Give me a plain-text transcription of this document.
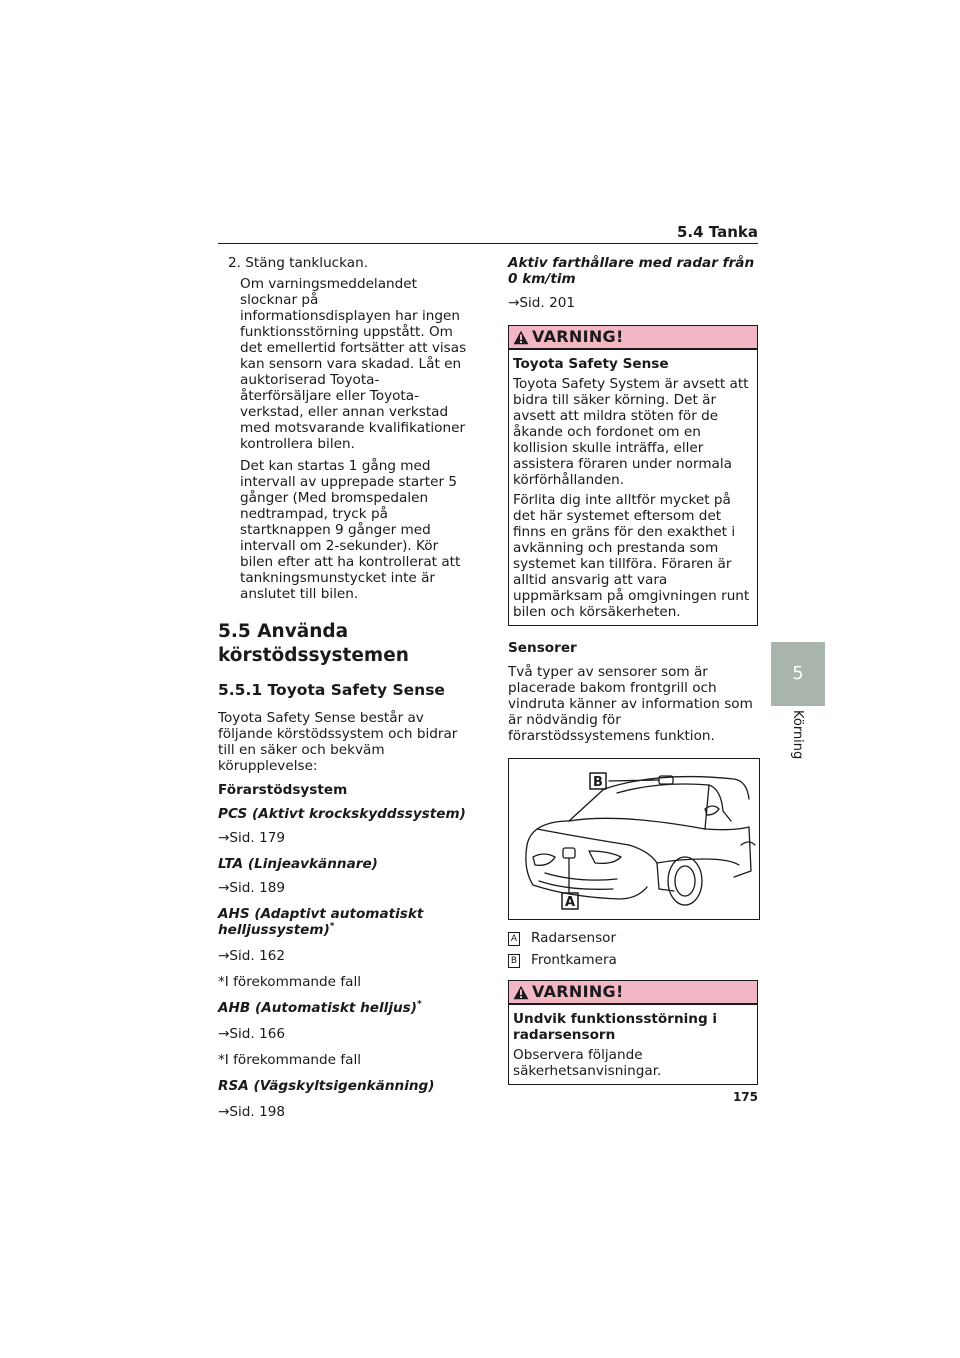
5.4 Tanka

2. Stäng tankluckan.

Om varningsmeddelandet slocknar på informationsdisplayen har ingen funktionsstörning uppstått. Om det emellertid fortsätter att visas kan sensorn vara skadad. Låt en auktoriserad Toyota-återförsäljare eller Toyota-verkstad, eller annan verkstad med motsvarande kvalifikationer kontrollera bilen.

Det kan startas 1 gång med intervall av upprepade starter 5 gånger (Med bromspedalen nedtrampad, tryck på startknappen 9 gånger med intervall om 2-sekunder). Kör bilen efter att ha kontrollerat att tankningsmunstycket inte är anslutet till bilen.

5.5 Använda körstödssystemen
5.5.1 Toyota Safety Sense

Toyota Safety Sense består av följande körstödssystem och bidrar till en säker och bekväm körupplevelse:

Förarstödsystem

PCS (Aktivt krockskyddssystem)

→Sid. 179

LTA (Linjeavkännare)

→Sid. 189

AHS (Adaptivt automatiskt helljussystem)*

→Sid. 162

*I förekommande fall

AHB (Automatiskt helljus)*

→Sid. 166

*I förekommande fall

RSA (Vägskyltsigenkänning)

→Sid. 198

Aktiv farthållare med radar från 0 km/tim

→Sid. 201

VARNING!

Toyota Safety Sense

Toyota Safety System är avsett att bidra till säker körning. Det är avsett att mildra stöten för de åkande och fordonet om en kollision skulle inträffa, eller assistera föraren under normala körförhållanden.

Förlita dig inte alltför mycket på det här systemet eftersom det finns en gräns för den exakthet i avkänning och prestanda som systemet kan tillföra. Föraren är alltid ansvarig att vara uppmärksam på omgivningen runt bilen och körsäkerheten.

Sensorer

Två typer av sensorer som är placerade bakom frontgrill och vindruta känner av information som är nödvändig för förarstödssystemens funktion.

B
A
A Radarsensor
B Frontkamera
VARNING!

Undvik funktionsstörning i radarsensorn

Observera följande säkerhetsanvisningar.

5
Körning
175
